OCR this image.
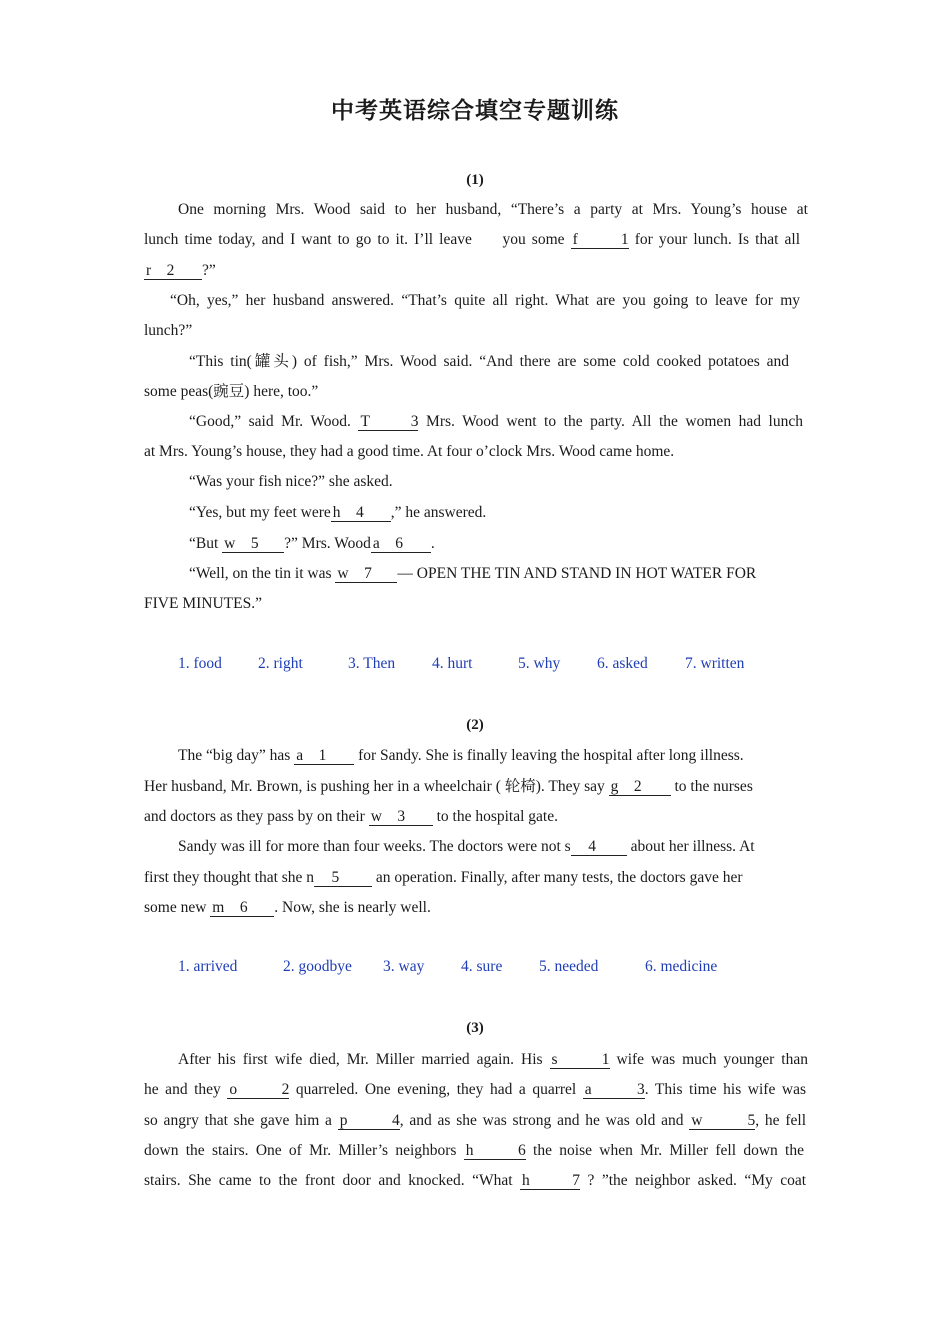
中考英语综合填空专题训练
(1)
One morning Mrs. Wood said to her husband, “There’s a party at Mrs. Young’s house at
lunch time today, and I want to go to it. I’ll leave you some f      1 for your lunch. Is that all
r    2 ?”
“Oh, yes,” her husband answered. “That’s quite all right. What are you going to leave for my
lunch?”
“This tin(罐头) of fish,” Mrs. Wood said. “And there are some cold cooked potatoes and
some peas(豌豆) here, too.”
“Good,” said Mr. Wood. T    3 Mrs. Wood went to the party. All the women had lunch
at Mrs. Young’s house, they had a good time. At four o’clock Mrs. Wood came home.
“Was your fish nice?” she asked.
“Yes, but my feet were h    4 ,” he answered.
“But w    5 ?” Mrs. Wood a    6 .
“Well, on the tin it was w    7 — OPEN THE TIN AND STAND IN HOT WATER FOR
FIVE MINUTES.”
1. food 2. right	3. Then 4. hurt	5. why 6. asked 7. written
(2)
The “big day” has a    1 for Sandy. She is finally leaving the hospital after long illness.
Her husband, Mr. Brown, is pushing her in a wheelchair ( 轮椅). They say g    2 to the nurses
and doctors as they pass by on their w    3 to the hospital gate.
Sandy was ill for more than four weeks. The doctors were not s    4 about her illness. At
first they thought that she n    5 an operation. Finally, after many tests, the doctors gave her
some new m    6 . Now, she is nearly well.
1. arrived	2. goodbye 3. way 4. sure 5. needed	6. medicine
(3)
After his first wife died, Mr. Miller married again. His s    1 wife was much younger than
he and they o    2 quarreled. One evening, they had a quarrel a    3. This time his wife was
so angry that she gave him a p    4, and as she was strong and he was old and w    5, he fell
down the stairs. One of Mr. Miller’s neighbors h    6 the noise when Mr. Miller fell down the
stairs. She came to the front door and knocked. “What h    7 ? ”the neighbor asked. “My coat
